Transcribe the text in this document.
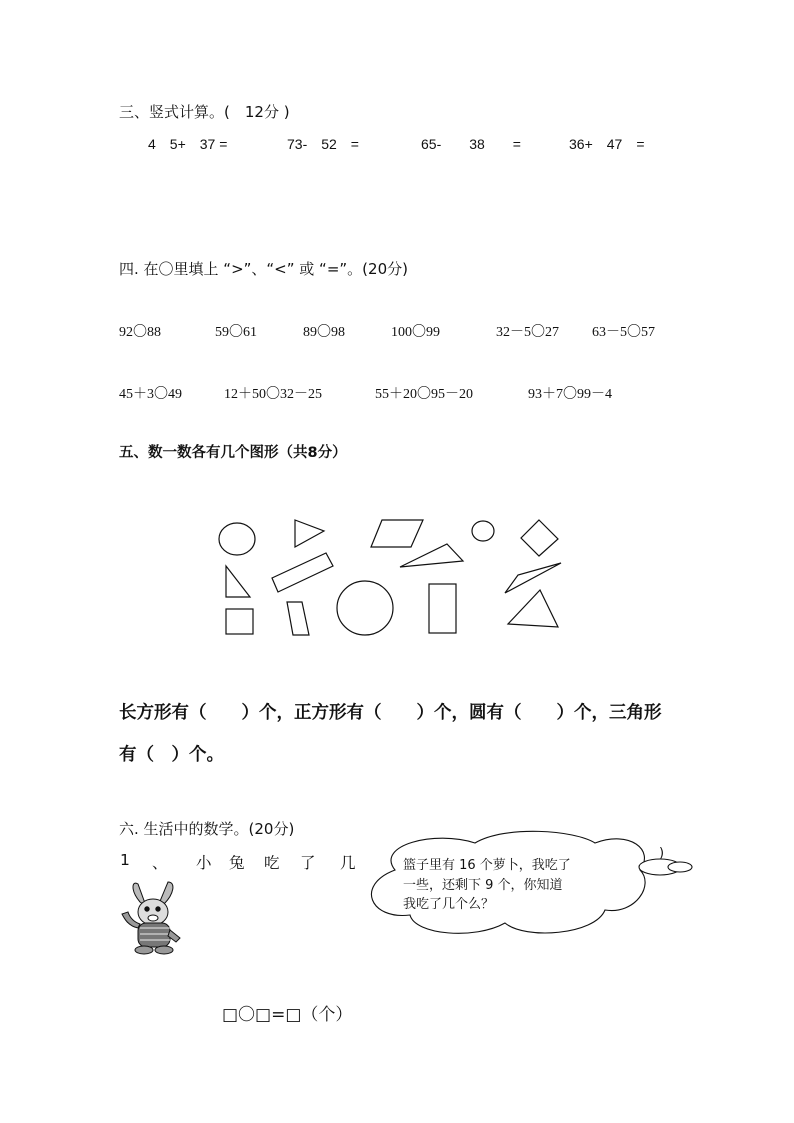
三、竖式计算。(　12分 )
4　5+　37 =	73-　52　=	65-　　38　　=	36+　47　=
四. 在〇里填上 “>”、“<” 或 “=”。(20分)
92〇88	59〇61	89〇98	100〇99	32－5〇27 63－5〇57
45＋3〇49	12＋50〇32－25	55＋20〇95－20	93＋7〇99－4
五、数一数各有几个图形（共8分）
长方形有（　　）个，正方形有（　　）个，圆有（　　）个，三角形
有（　）个。
六. 生活中的数学。(20分)
1 、 小 兔 吃 了 几	篮子里有 16 个萝卜，我吃了
一些，还剩下 9 个，你知道
我吃了几个么？
)
□〇□=□（个）
